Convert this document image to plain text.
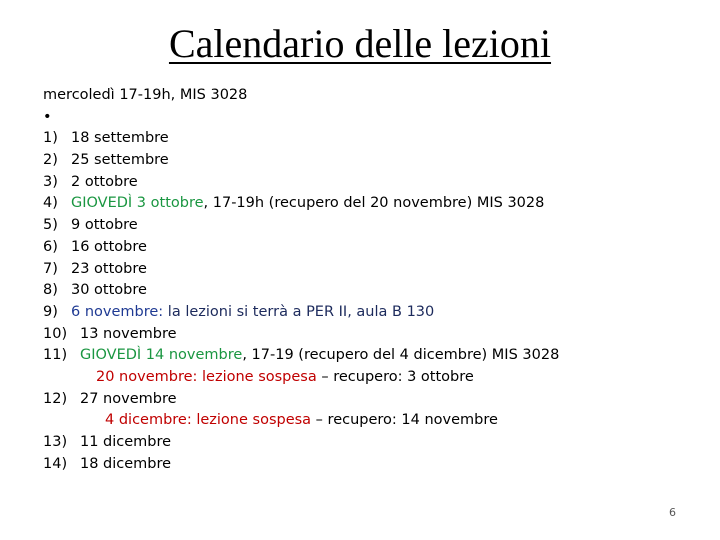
Calendario delle lezioni
mercoledì 17-19h, MIS 3028
•
1) 18 settembre
2) 25 settembre
3) 2 ottobre
4) GIOVEDÌ 3 ottobre, 17-19h (recupero del 20 novembre) MIS 3028
5) 9 ottobre
6) 16 ottobre
7) 23 ottobre
8) 30 ottobre
9) 6 novembre: la lezioni si terrà a PER II, aula B 130
10) 13 novembre
11) GIOVEDÌ 14 novembre, 17-19 (recupero del 4 dicembre) MIS 3028
20 novembre: lezione sospesa – recupero: 3 ottobre
12) 27 novembre
4 dicembre: lezione sospesa – recupero: 14 novembre
13) 11 dicembre
14) 18 dicembre
6
